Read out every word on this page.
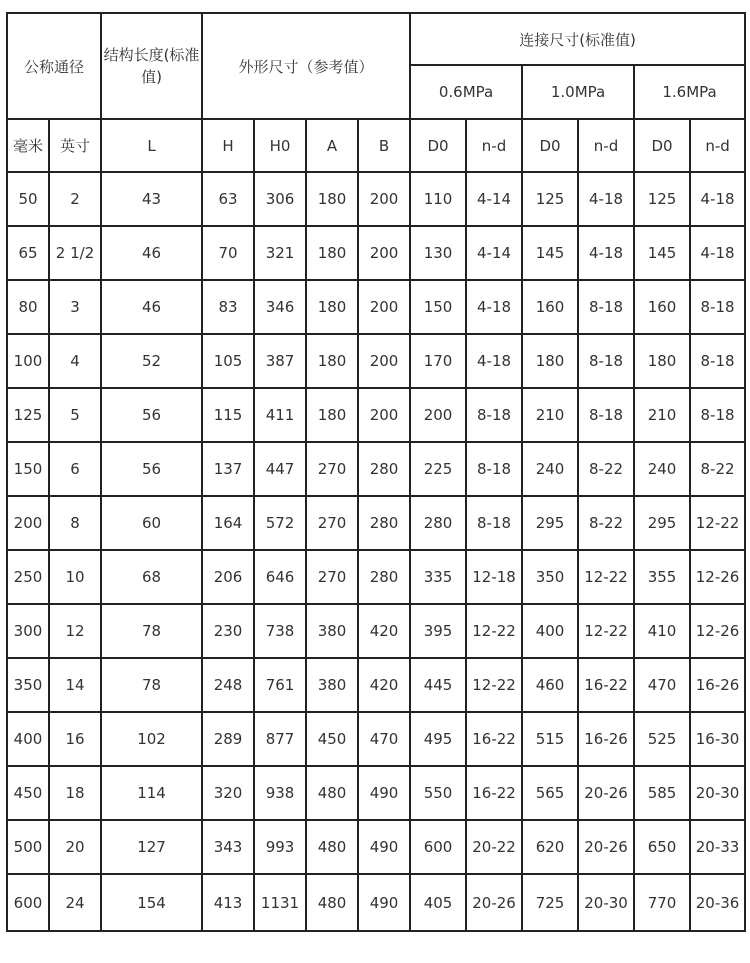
公称通径		结构长度(标准值)	外形尺寸（参考值）				连接尺寸(标准值)					
							0.6MPa		1.0MPa		1.6MPa	
毫米	英寸	L	H	H0	A	B	D0	n-d	D0	n-d	D0	n-d
50	2	43	63	306	180	200	110	4-14	125	4-18	125	4-18
65	2 1/2	46	70	321	180	200	130	4-14	145	4-18	145	4-18
80	3	46	83	346	180	200	150	4-18	160	8-18	160	8-18
100	4	52	105	387	180	200	170	4-18	180	8-18	180	8-18
125	5	56	115	411	180	200	200	8-18	210	8-18	210	8-18
150	6	56	137	447	270	280	225	8-18	240	8-22	240	8-22
200	8	60	164	572	270	280	280	8-18	295	8-22	295	12-22
250	10	68	206	646	270	280	335	12-18	350	12-22	355	12-26
300	12	78	230	738	380	420	395	12-22	400	12-22	410	12-26
350	14	78	248	761	380	420	445	12-22	460	16-22	470	16-26
400	16	102	289	877	450	470	495	16-22	515	16-26	525	16-30
450	18	114	320	938	480	490	550	16-22	565	20-26	585	20-30
500	20	127	343	993	480	490	600	20-22	620	20-26	650	20-33
600	24	154	413	1131	480	490	405	20-26	725	20-30	770	20-36
